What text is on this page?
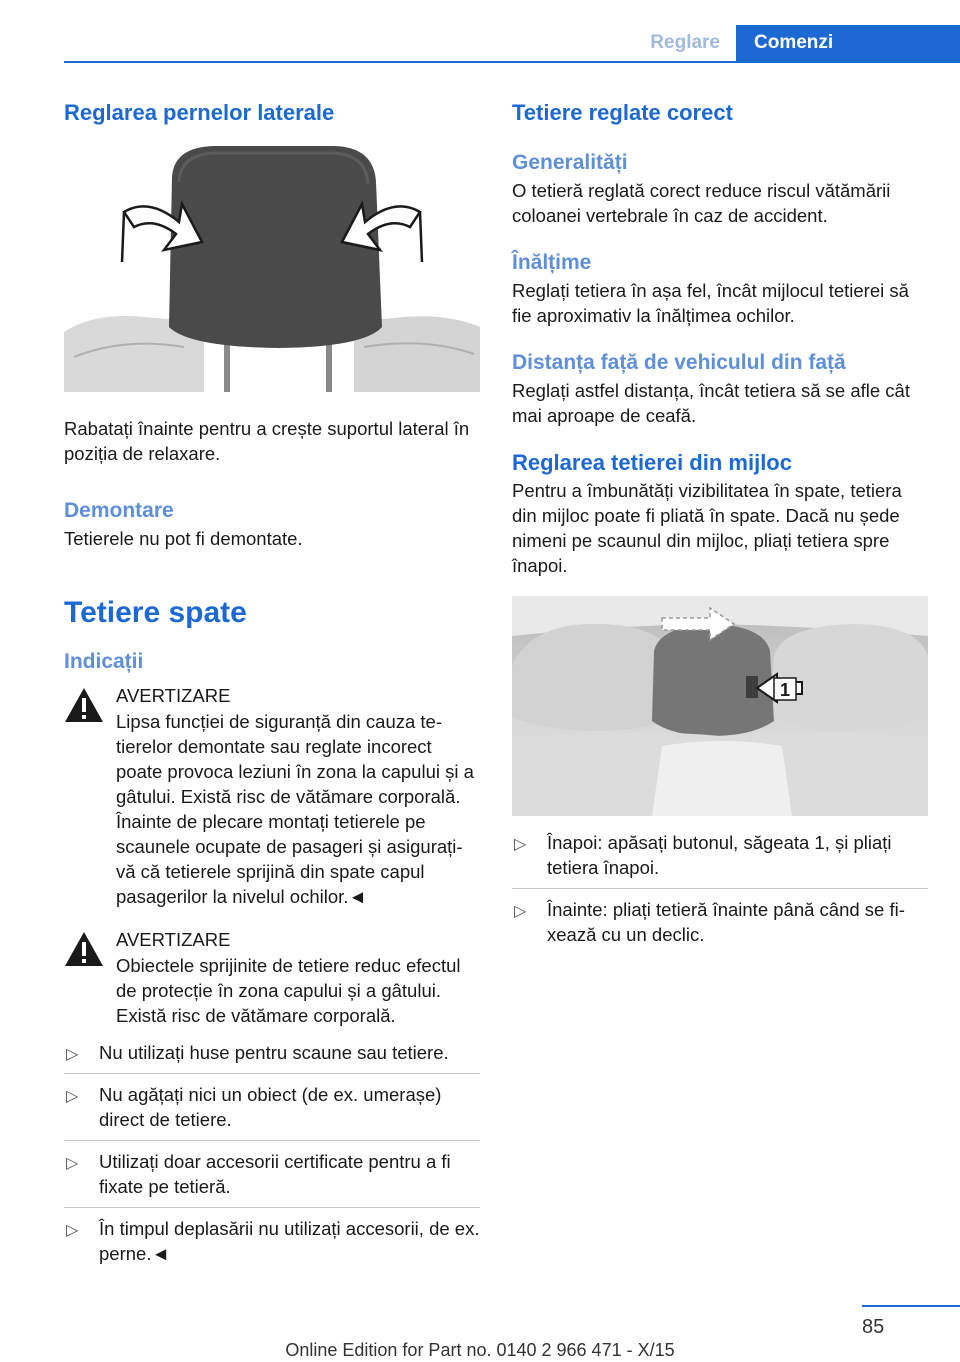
Reglare	Comenzi
Reglarea pernelor laterale

Rabatați înainte pentru a crește suportul lateral în poziția de relaxare.

Demontare

Tetierele nu pot fi demontate.

Tetiere spate
Indicații
AVERTIZARE

Lipsa funcției de siguranță din cauza tetierelor demontate sau reglate incorect poate provoca leziuni în zona la capului și a gâtului. Există risc de vătămare corporală. Înainte de plecare montați tetierele pe scaunele ocupate de pasageri și asigurați-vă că tetierele sprijină din spate capul pasagerilor la nivelul ochilor.◄

AVERTIZARE

Obiectele sprijinite de tetiere reduc efectul de protecție în zona capului și a gâtului. Există risc de vătămare corporală.

▷ Nu utilizați huse pentru scaune sau tetiere.
▷ Nu agățați nici un obiect (de ex. umerașe) direct de tetiere.
▷ Utilizați doar accesorii certificate pentru a fi fixate pe tetieră.
▷ În timpul deplasării nu utilizați accesorii, de ex. perne.◄
Tetiere reglate corect
Generalități

O tetieră reglată corect reduce riscul vătămării coloanei vertebrale în caz de accident.

Înălțime

Reglați tetiera în așa fel, încât mijlocul tetierei să fie aproximativ la înălțimea ochilor.

Distanța față de vehiculul din față

Reglați astfel distanța, încât tetiera să se afle cât mai aproape de ceafă.

Reglarea tetierei din mijloc

Pentru a îmbunătăți vizibilitatea în spate, tetiera din mijloc poate fi pliată în spate. Dacă nu șede nimeni pe scaunul din mijloc, pliați tetiera spre înapoi.

1
▷ Înapoi: apăsați butonul, săgeata 1, și pliați tetiera înapoi.
▷ Înainte: pliați tetieră înainte până când se fixează cu un declic.
85
Online Edition for Part no. 0140 2 966 471 - X/15
